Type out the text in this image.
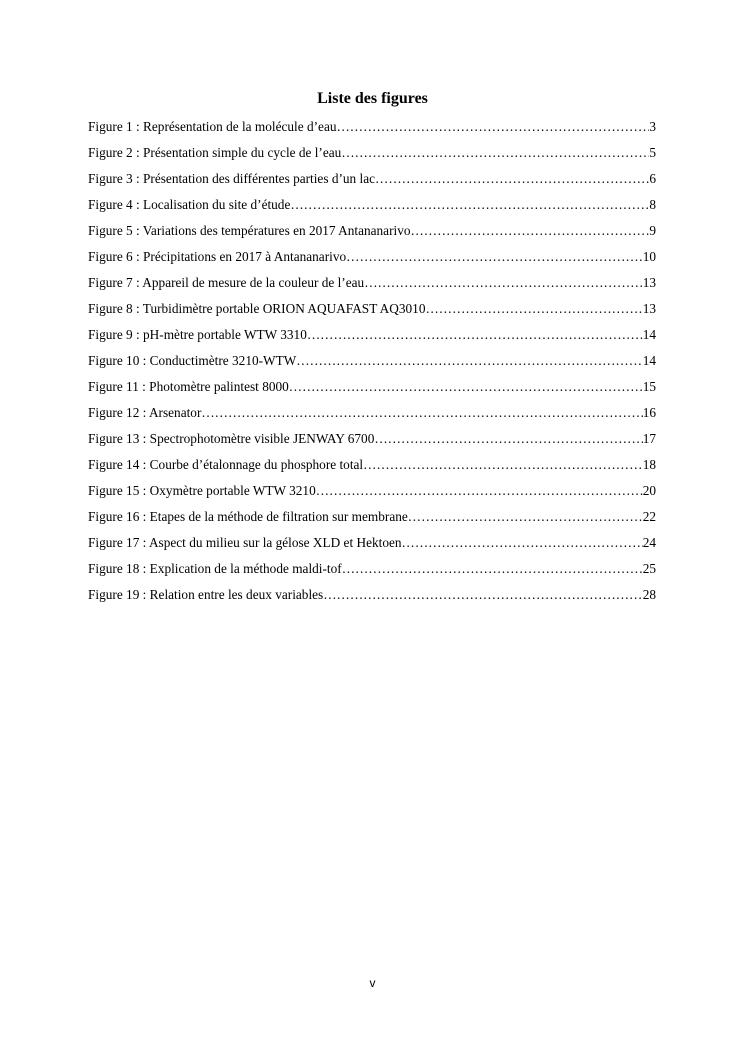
Liste des figures
Figure 1 : Représentation de la molécule d’eau ……………………………………………………………………………………………………………………………………………………	3
Figure 2 : Présentation simple du cycle de l’eau ……………………………………………………………………………………………………………………………………………………	5
Figure 3 : Présentation des différentes parties d’un lac ……………………………………………………………………………………………………………………………………………………	6
Figure 4 : Localisation du site d’étude ……………………………………………………………………………………………………………………………………………………	8
Figure 5 : Variations des températures en 2017 Antananarivo ……………………………………………………………………………………………………………………………………………………	9
Figure 6 : Précipitations en 2017 à Antananarivo ……………………………………………………………………………………………………………………………………………………	10
Figure 7 : Appareil de mesure de la couleur de l’eau ……………………………………………………………………………………………………………………………………………………	13
Figure 8 : Turbidimètre portable ORION AQUAFAST AQ3010 ……………………………………………………………………………………………………………………………………………………	13
Figure 9 : pH-mètre portable WTW 3310 ……………………………………………………………………………………………………………………………………………………	14
Figure 10 : Conductimètre 3210-WTW ……………………………………………………………………………………………………………………………………………………	14
Figure 11 : Photomètre palintest 8000 ……………………………………………………………………………………………………………………………………………………	15
Figure 12 : Arsenator ……………………………………………………………………………………………………………………………………………………	16
Figure 13 : Spectrophotomètre visible JENWAY 6700 ……………………………………………………………………………………………………………………………………………………	17
Figure 14 : Courbe d’étalonnage du phosphore total ……………………………………………………………………………………………………………………………………………………	18
Figure 15 : Oxymètre portable WTW 3210 ……………………………………………………………………………………………………………………………………………………	20
Figure 16 : Etapes de la méthode de filtration sur membrane ……………………………………………………………………………………………………………………………………………………	22
Figure 17 : Aspect du milieu sur la gélose XLD et Hektoen ……………………………………………………………………………………………………………………………………………………	24
Figure 18 : Explication de la méthode maldi-tof ……………………………………………………………………………………………………………………………………………………	25
Figure 19 : Relation entre les deux variables ……………………………………………………………………………………………………………………………………………………	28
v
